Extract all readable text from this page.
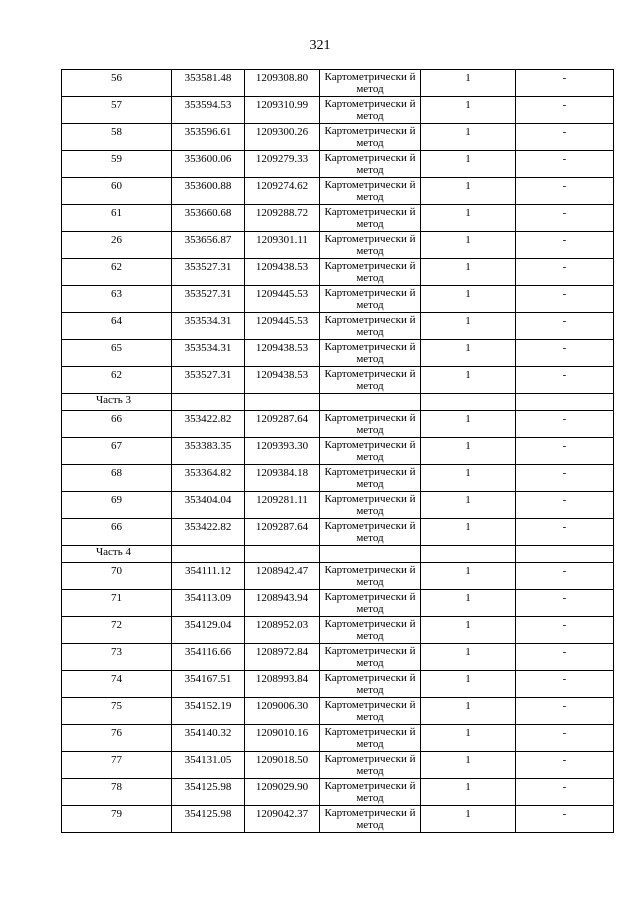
321
56	353581.48	1209308.80	Картометрически й метод	1	-

57	353594.53	1209310.99	Картометрически й метод	1	-

58	353596.61	1209300.26	Картометрически й метод	1	-

59	353600.06	1209279.33	Картометрически й метод	1	-

60	353600.88	1209274.62	Картометрически й метод	1	-

61	353660.68	1209288.72	Картометрически й метод	1	-

26	353656.87	1209301.11	Картометрически й метод	1	-

62	353527.31	1209438.53	Картометрически й метод	1	-

63	353527.31	1209445.53	Картометрически й метод	1	-

64	353534.31	1209445.53	Картометрически й метод	1	-

65	353534.31	1209438.53	Картометрически й метод	1	-

62	353527.31	1209438.53	Картометрически й метод	1	-

Часть 3					

66	353422.82	1209287.64	Картометрически й метод	1	-

67	353383.35	1209393.30	Картометрически й метод	1	-

68	353364.82	1209384.18	Картометрически й метод	1	-

69	353404.04	1209281.11	Картометрически й метод	1	-

66	353422.82	1209287.64	Картометрически й метод	1	-

Часть 4					

70	354111.12	1208942.47	Картометрически й метод	1	-

71	354113.09	1208943.94	Картометрически й метод	1	-

72	354129.04	1208952.03	Картометрически й метод	1	-

73	354116.66	1208972.84	Картометрически й метод	1	-

74	354167.51	1208993.84	Картометрически й метод	1	-

75	354152.19	1209006.30	Картометрически й метод	1	-

76	354140.32	1209010.16	Картометрически й метод	1	-

77	354131.05	1209018.50	Картометрически й метод	1	-

78	354125.98	1209029.90	Картометрически й метод	1	-

79	354125.98	1209042.37	Картометрически й метод	1	-
